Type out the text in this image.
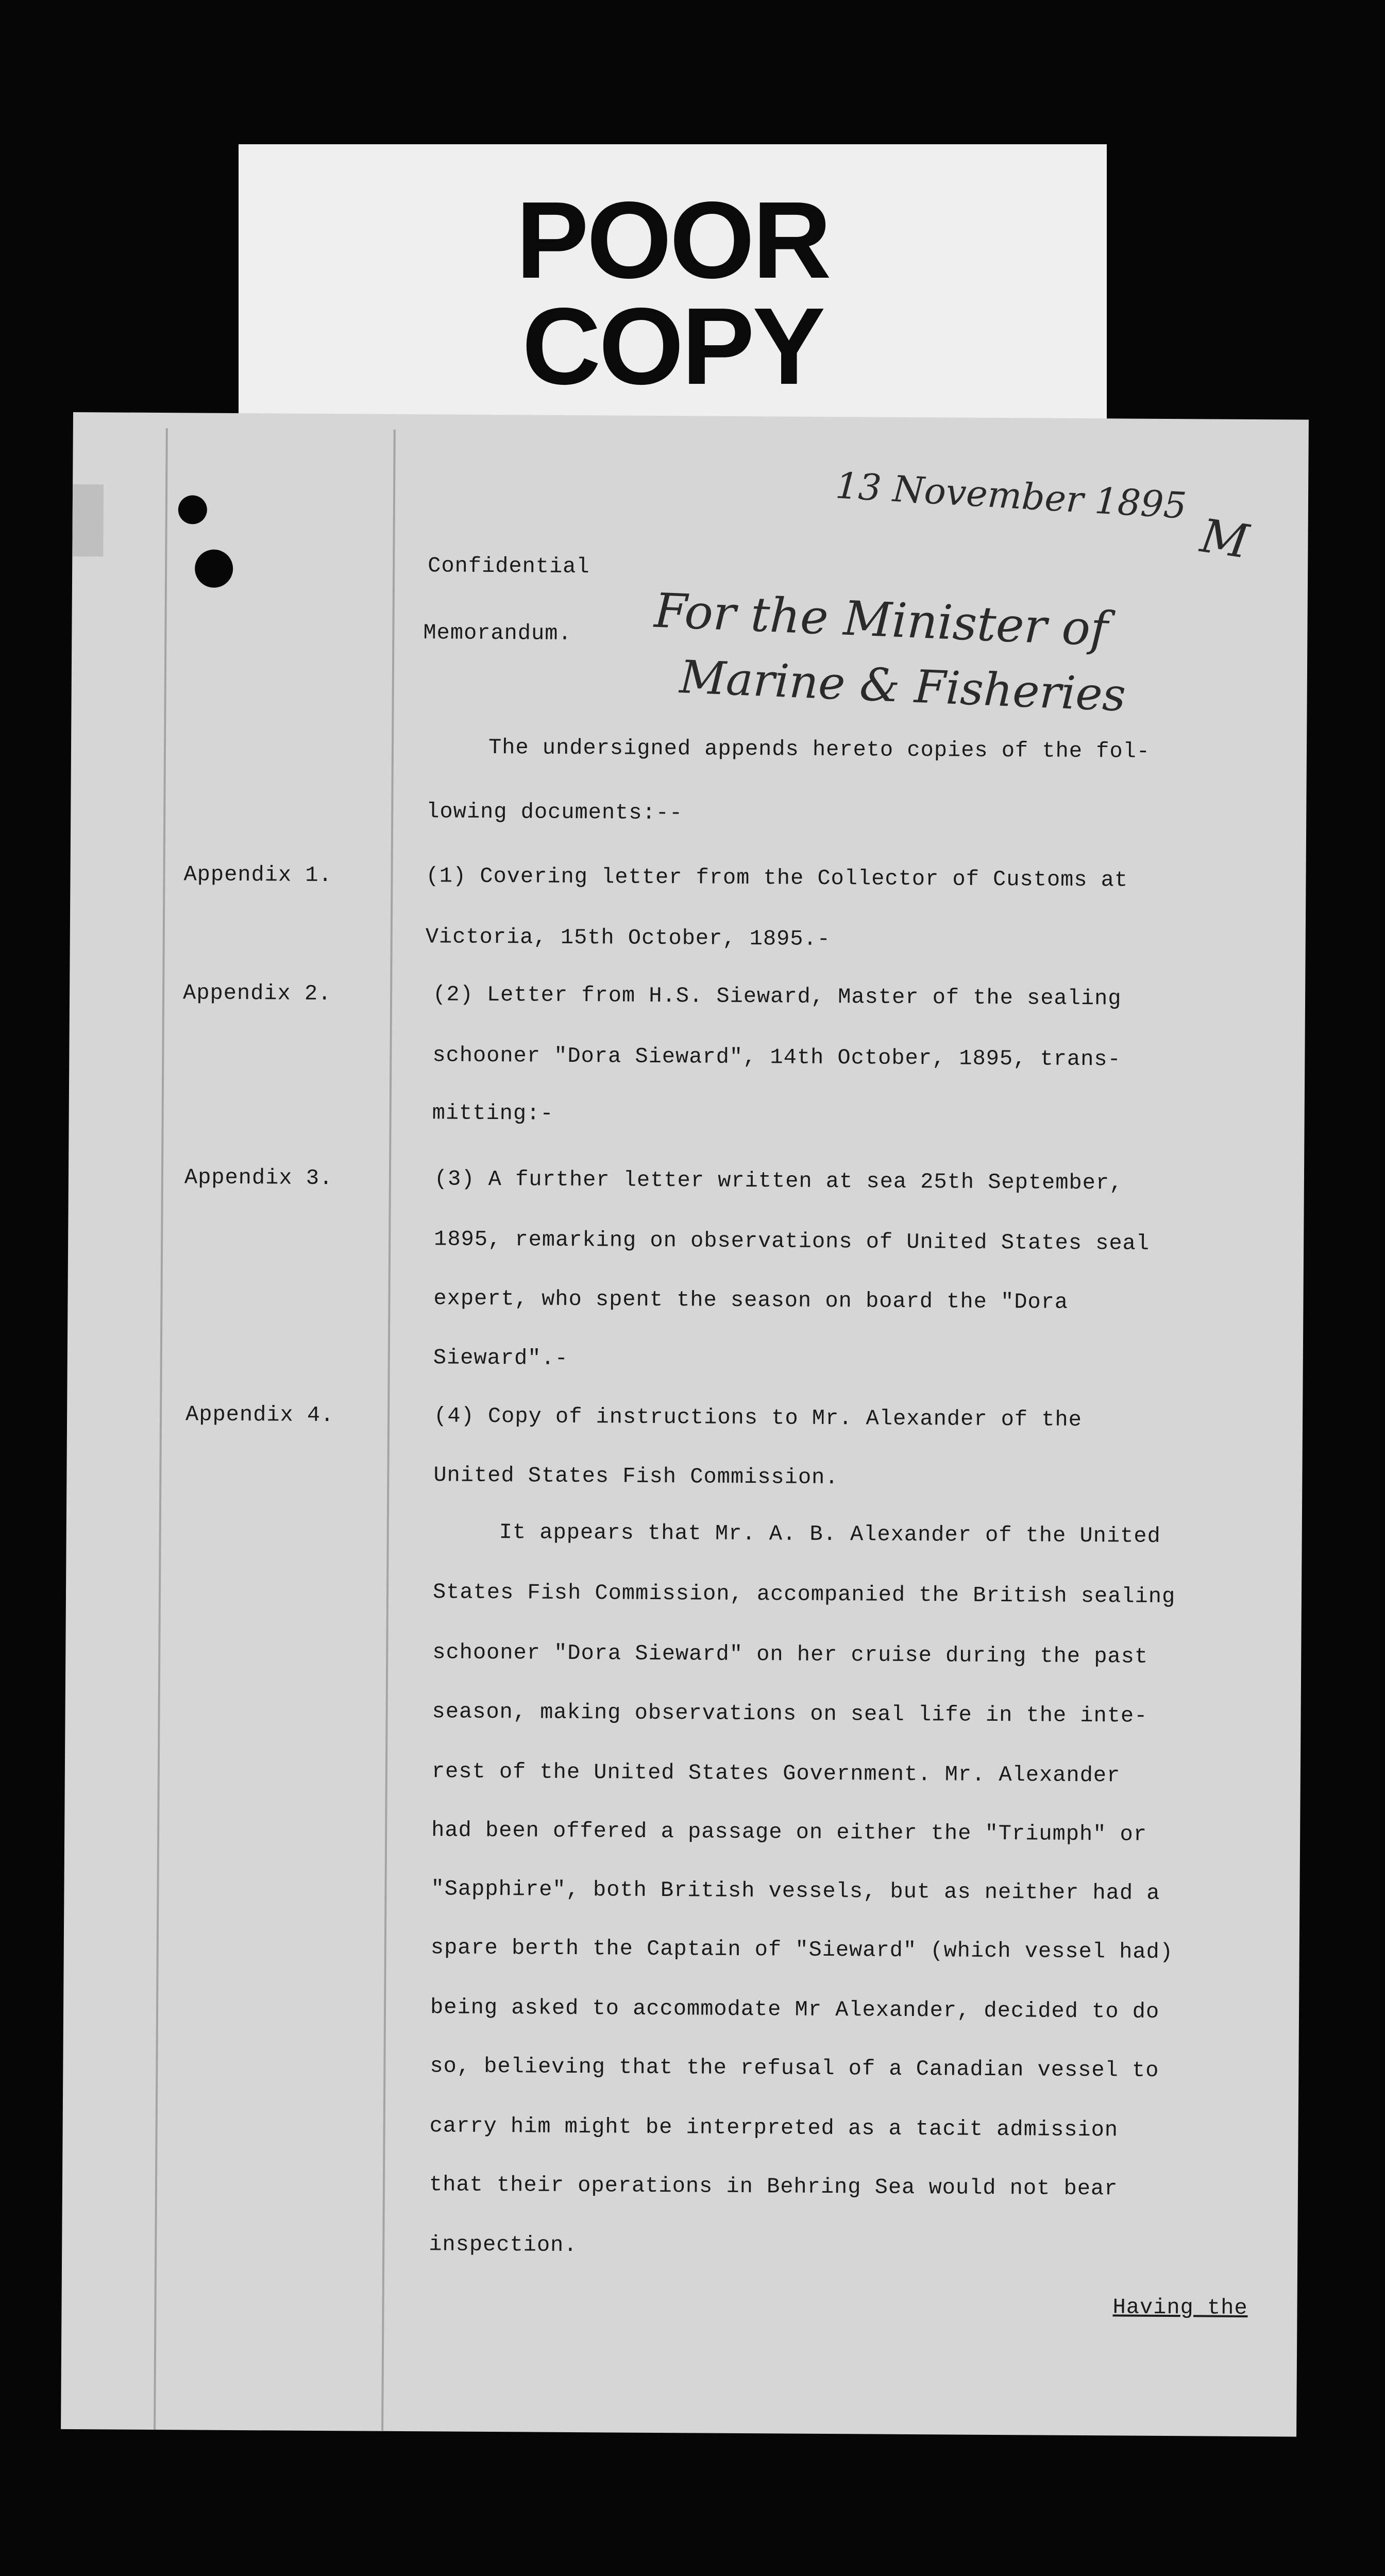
POOR
COPY
13 November 1895
M
Confidential
Memorandum. For the Minister of
Marine & Fisheries
The undersigned appends hereto copies of the fol-
lowing documents:--
Appendix 1.	(1) Covering letter from the Collector of Customs at
Victoria, 15th October, 1895.-
Appendix 2.	(2) Letter from H.S. Sieward, Master of the sealing
schooner "Dora Sieward", 14th October, 1895, trans-
mitting:-
Appendix 3.	(3) A further letter written at sea 25th September,
1895, remarking on observations of United States seal
expert, who spent the season on board the "Dora
Sieward".-
Appendix 4.	(4) Copy of instructions to Mr. Alexander of the
United States Fish Commission.
It appears that Mr. A. B. Alexander of the United
States Fish Commission, accompanied the British sealing
schooner "Dora Sieward" on her cruise during the past
season, making observations on seal life in the inte-
rest of the United States Government. Mr. Alexander
had been offered a passage on either the "Triumph" or
"Sapphire", both British vessels, but as neither had a
spare berth the Captain of "Sieward" (which vessel had)
being asked to accommodate Mr Alexander, decided to do
so, believing that the refusal of a Canadian vessel to
carry him might be interpreted as a tacit admission
that their operations in Behring Sea would not bear
inspection.
Having the
